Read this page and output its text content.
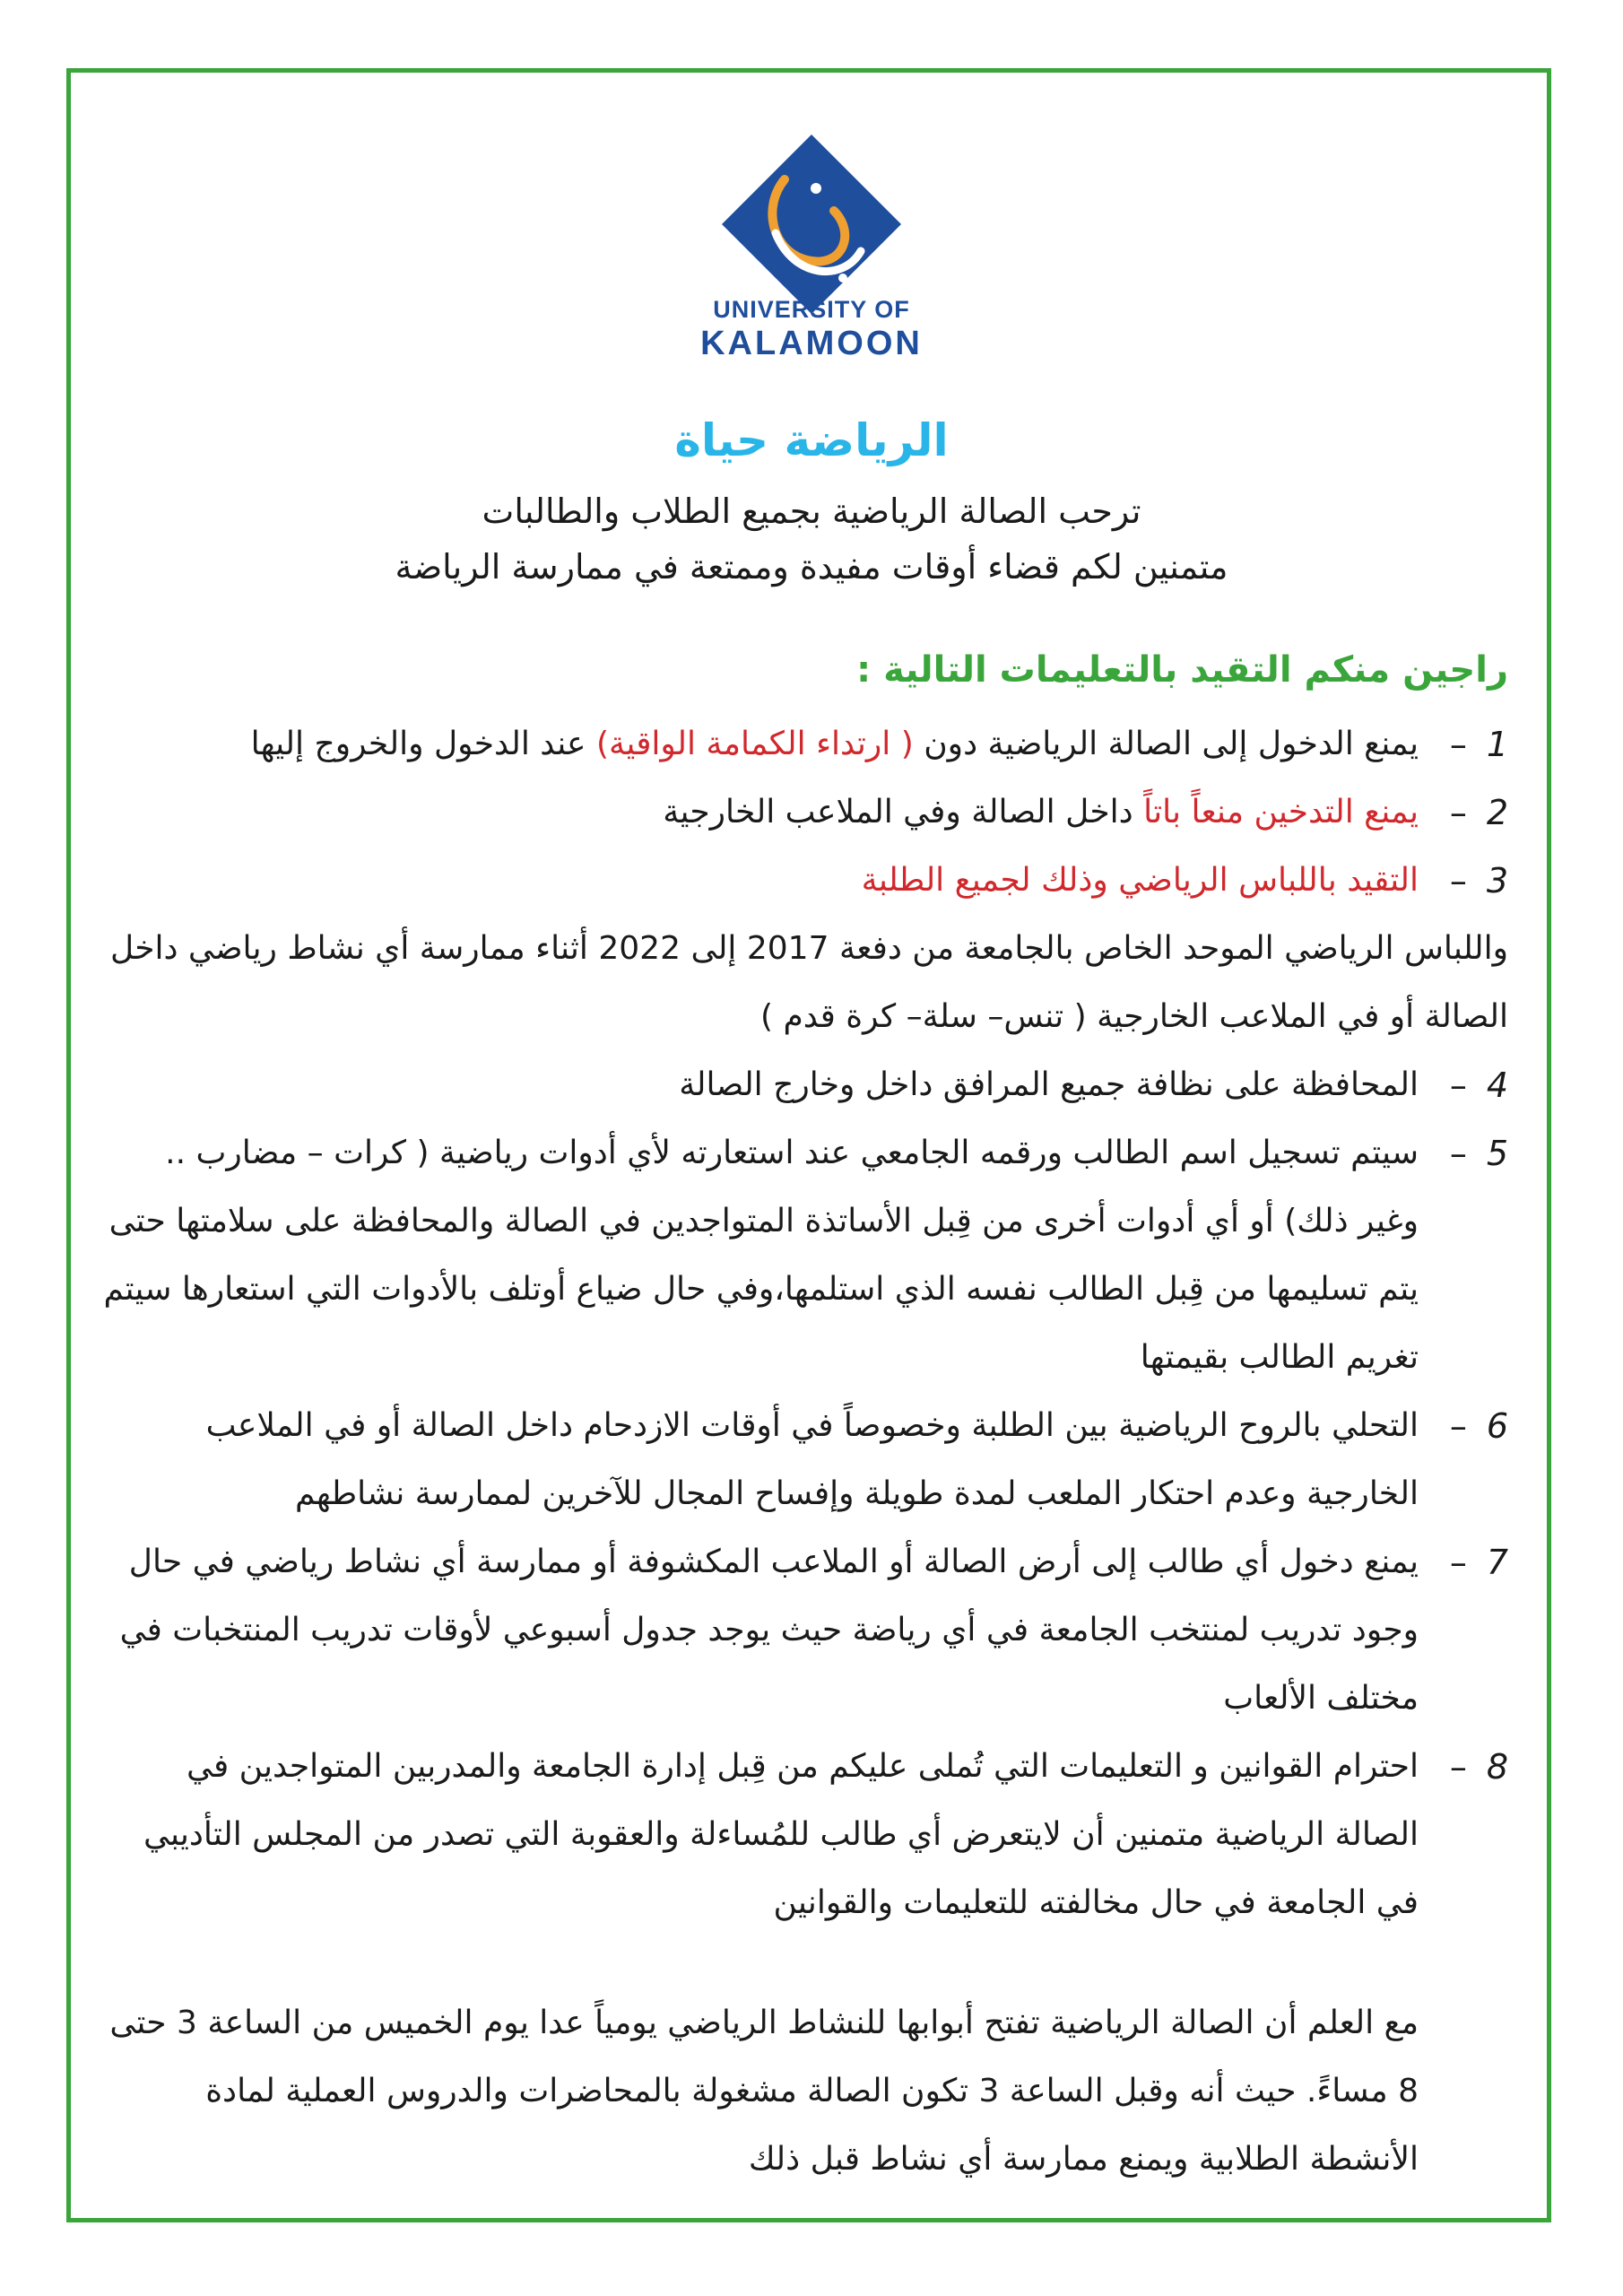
UNIVERSITY OF
KALAMOON
الرياضة حياة
ترحب الصالة الرياضية بجميع الطلاب والطالبات
متمنين لكم قضاء أوقات مفيدة وممتعة في ممارسة الرياضة
راجين منكم التقيد بالتعليمات التالية :
1–
يمنع الدخول إلى الصالة الرياضية دون ( ارتداء الكمامة الواقية) عند الدخول والخروج إليها
2–
يمنع التدخين منعاً باتاً داخل الصالة وفي الملاعب الخارجية
3–
التقيد باللباس الرياضي وذلك لجميع الطلبة
واللباس الرياضي الموحد الخاص بالجامعة من دفعة 2017 إلى 2022 أثناء ممارسة أي نشاط رياضي داخل الصالة أو في الملاعب الخارجية ( تنس– سلة– كرة قدم )
4–
المحافظة على نظافة جميع المرافق داخل وخارج الصالة
5–
سيتم تسجيل اسم الطالب ورقمه الجامعي عند استعارته لأي أدوات رياضية ( كرات – مضارب .. وغير ذلك) أو أي أدوات أخرى من قِبل الأساتذة المتواجدين في الصالة والمحافظة على سلامتها حتى يتم تسليمها من قِبل الطالب نفسه الذي استلمها،وفي حال ضياع أوتلف بالأدوات التي استعارها سيتم تغريم الطالب بقيمتها
6–
التحلي بالروح الرياضية بين الطلبة وخصوصاً في أوقات الازدحام داخل الصالة أو في الملاعب الخارجية وعدم احتكار الملعب لمدة طويلة وإفساح المجال للآخرين لممارسة نشاطهم
7–
يمنع دخول أي طالب إلى أرض الصالة أو الملاعب المكشوفة أو ممارسة أي نشاط رياضي في حال وجود تدريب لمنتخب الجامعة في أي رياضة حيث يوجد جدول أسبوعي لأوقات تدريب المنتخبات في مختلف الألعاب
8–
احترام القوانين و التعليمات التي تُملى عليكم من قِبل إدارة الجامعة والمدربين المتواجدين في الصالة الرياضية متمنين أن لايتعرض أي طالب للمُساءلة والعقوبة التي تصدر من المجلس التأديبي في الجامعة في حال مخالفته للتعليمات والقوانين
مع العلم أن الصالة الرياضية تفتح أبوابها للنشاط الرياضي يومياً عدا يوم الخميس من الساعة 3 حتى 8 مساءً. حيث أنه وقبل الساعة 3 تكون الصالة مشغولة بالمحاضرات والدروس العملية لمادة الأنشطة الطلابية ويمنع ممارسة أي نشاط قبل ذلك
